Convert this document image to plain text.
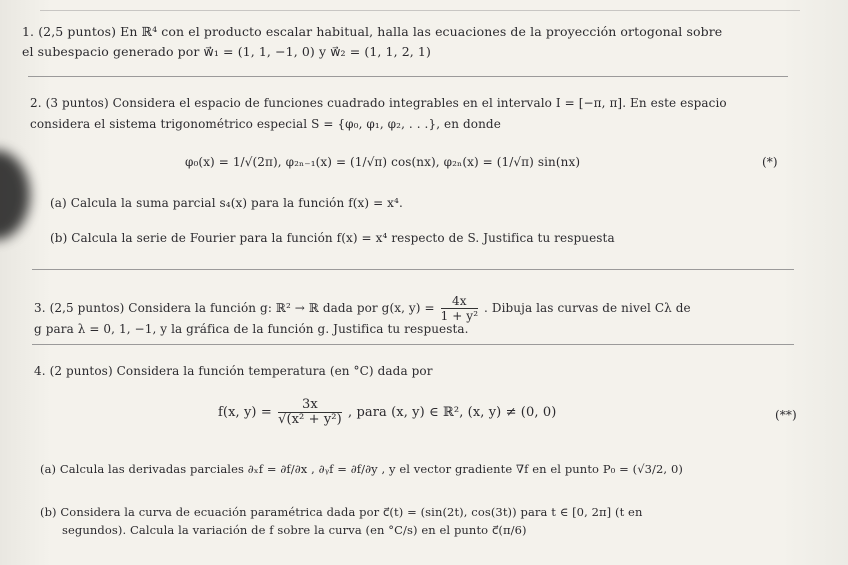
1. (2,5 puntos) En ℝ⁴ con el producto escalar habitual, halla las ecuaciones de la proyección ortogonal sobre
el subespacio generado por w⃗₁ = (1, 1, −1, 0) y w⃗₂ = (1, 1, 2, 1)
2. (3 puntos) Considera el espacio de funciones cuadrado integrables en el intervalo I = [−π, π]. En este espacio
considera el sistema trigonométrico especial S = {φ₀, φ₁, φ₂, . . .}, en donde
φ₀(x) = 1/√(2π), φ₂ₙ₋₁(x) = (1/√π) cos(nx), φ₂ₙ(x) = (1/√π) sin(nx)	(*)
(a) Calcula la suma parcial s₄(x) para la función f(x) = x⁴.
(b) Calcula la serie de Fourier para la función f(x) = x⁴ respecto de S. Justifica tu respuesta
3. (2,5 puntos) Considera la función g: ℝ² → ℝ dada por g(x, $y) = \frac{4x}{\text{1 + y²}}$ . Dibuja las curvas de nivel Cλ de
g para λ = 0, 1, −1, y la gráfica de la función g. Justifica tu respuesta.
4. (2 puntos) Considera la función temperatura (en °C) dada por
f(x, $y) = \frac{3x}{\text{√(x² + y²)}}$ , para (x, y) ∈ ℝ², (x, y) ≠ (0, 0)	(**)
(a) Calcula las derivadas parciales ∂ₓf = ∂f/∂x , ∂ᵧf = ∂f/∂y , y el vector gradiente ∇f en el punto P₀ = (√3/2, 0)
(b) Considera la curva de ecuación paramétrica dada por c⃗(t) = (sin(2t), cos(3t)) para t ∈ [0, 2π] (t en
segundos). Calcula la variación de f sobre la curva (en °C/s) en el punto c⃗(π/6)
